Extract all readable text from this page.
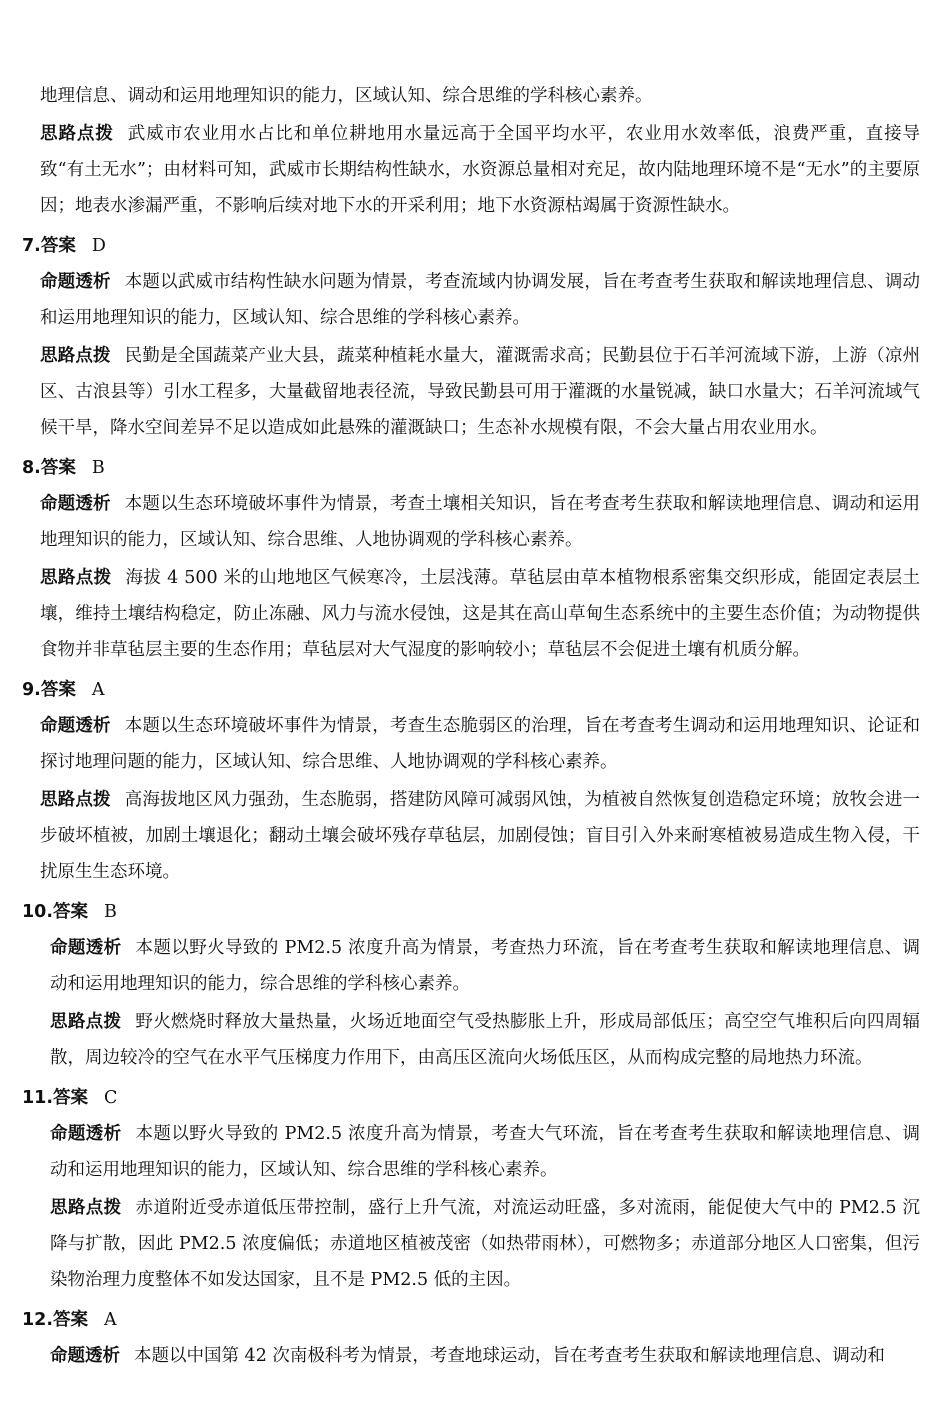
地理信息、调动和运用地理知识的能力，区域认知、综合思维的学科核心素养。

思路点拨 武威市农业用水占比和单位耕地用水量远高于全国平均水平，农业用水效率低，浪费严重，直接导致“有土无水”；由材料可知，武威市长期结构性缺水，水资源总量相对充足，故内陆地理环境不是“无水”的主要原因；地表水渗漏严重，不影响后续对地下水的开采利用；地下水资源枯竭属于资源性缺水。

7.答案 D

命题透析 本题以武威市结构性缺水问题为情景，考查流域内协调发展，旨在考查考生获取和解读地理信息、调动和运用地理知识的能力，区域认知、综合思维的学科核心素养。

思路点拨 民勤是全国蔬菜产业大县，蔬菜种植耗水量大，灌溉需求高；民勤县位于石羊河流域下游，上游（凉州区、古浪县等）引水工程多，大量截留地表径流，导致民勤县可用于灌溉的水量锐减，缺口水量大；石羊河流域气候干旱，降水空间差异不足以造成如此悬殊的灌溉缺口；生态补水规模有限，不会大量占用农业用水。

8.答案 B

命题透析 本题以生态环境破坏事件为情景，考查土壤相关知识，旨在考查考生获取和解读地理信息、调动和运用地理知识的能力，区域认知、综合思维、人地协调观的学科核心素养。

思路点拨 海拔 4 500 米的山地地区气候寒冷，土层浅薄。草毡层由草本植物根系密集交织形成，能固定表层土壤，维持土壤结构稳定，防止冻融、风力与流水侵蚀，这是其在高山草甸生态系统中的主要生态价值；为动物提供食物并非草毡层主要的生态作用；草毡层对大气湿度的影响较小；草毡层不会促进土壤有机质分解。

9.答案 A

命题透析 本题以生态环境破坏事件为情景，考查生态脆弱区的治理，旨在考查考生调动和运用地理知识、论证和探讨地理问题的能力，区域认知、综合思维、人地协调观的学科核心素养。

思路点拨 高海拔地区风力强劲，生态脆弱，搭建防风障可减弱风蚀，为植被自然恢复创造稳定环境；放牧会进一步破坏植被，加剧土壤退化；翻动土壤会破坏残存草毡层，加剧侵蚀；盲目引入外来耐寒植被易造成生物入侵，干扰原生生态环境。

10.答案 B

命题透析 本题以野火导致的 PM2.5 浓度升高为情景，考查热力环流，旨在考查考生获取和解读地理信息、调动和运用地理知识的能力，综合思维的学科核心素养。

思路点拨 野火燃烧时释放大量热量，火场近地面空气受热膨胀上升，形成局部低压；高空空气堆积后向四周辐散，周边较冷的空气在水平气压梯度力作用下，由高压区流向火场低压区，从而构成完整的局地热力环流。

11.答案 C

命题透析 本题以野火导致的 PM2.5 浓度升高为情景，考查大气环流，旨在考查考生获取和解读地理信息、调动和运用地理知识的能力，区域认知、综合思维的学科核心素养。

思路点拨 赤道附近受赤道低压带控制，盛行上升气流，对流运动旺盛，多对流雨，能促使大气中的 PM2.5 沉降与扩散，因此 PM2.5 浓度偏低；赤道地区植被茂密（如热带雨林），可燃物多；赤道部分地区人口密集，但污染物治理力度整体不如发达国家，且不是 PM2.5 低的主因。

12.答案 A

命题透析 本题以中国第 42 次南极科考为情景，考查地球运动，旨在考查考生获取和解读地理信息、调动和
